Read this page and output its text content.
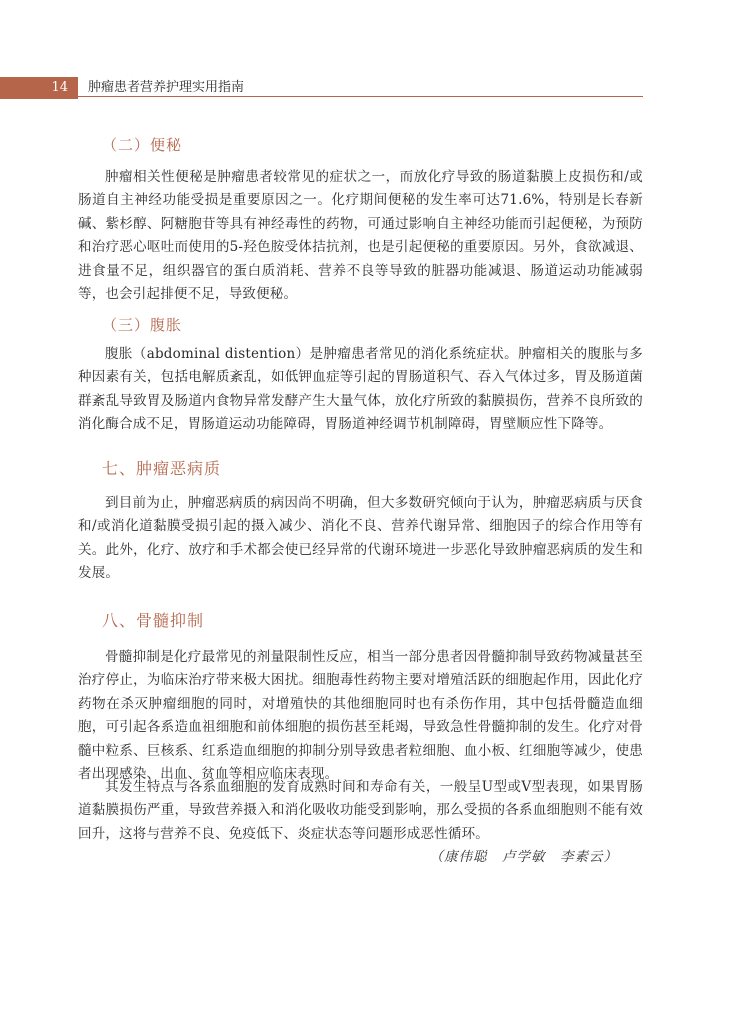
14	肿瘤患者营养护理实用指南
（二）便秘

肿瘤相关性便秘是肿瘤患者较常见的症状之一，而放化疗导致的肠道黏膜上皮损伤和/或肠道自主神经功能受损是重要原因之一。化疗期间便秘的发生率可达71.6%，特别是长春新碱、紫杉醇、阿糖胞苷等具有神经毒性的药物，可通过影响自主神经功能而引起便秘，为预防和治疗恶心呕吐而使用的5-羟色胺受体拮抗剂，也是引起便秘的重要原因。另外，食欲减退、进食量不足，组织器官的蛋白质消耗、营养不良等导致的脏器功能减退、肠道运动功能减弱等，也会引起排便不足，导致便秘。

（三）腹胀

腹胀（abdominal distention）是肿瘤患者常见的消化系统症状。肿瘤相关的腹胀与多种因素有关，包括电解质紊乱，如低钾血症等引起的胃肠道积气、吞入气体过多，胃及肠道菌群紊乱导致胃及肠道内食物异常发酵产生大量气体，放化疗所致的黏膜损伤，营养不良所致的消化酶合成不足，胃肠道运动功能障碍，胃肠道神经调节机制障碍，胃壁顺应性下降等。

七、肿瘤恶病质

到目前为止，肿瘤恶病质的病因尚不明确，但大多数研究倾向于认为，肿瘤恶病质与厌食和/或消化道黏膜受损引起的摄入减少、消化不良、营养代谢异常、细胞因子的综合作用等有关。此外，化疗、放疗和手术都会使已经异常的代谢环境进一步恶化导致肿瘤恶病质的发生和发展。

八、骨髓抑制

骨髓抑制是化疗最常见的剂量限制性反应，相当一部分患者因骨髓抑制导致药物减量甚至治疗停止，为临床治疗带来极大困扰。细胞毒性药物主要对增殖活跃的细胞起作用，因此化疗药物在杀灭肿瘤细胞的同时，对增殖快的其他细胞同时也有杀伤作用，其中包括骨髓造血细胞，可引起各系造血祖细胞和前体细胞的损伤甚至耗竭，导致急性骨髓抑制的发生。化疗对骨髓中粒系、巨核系、红系造血细胞的抑制分别导致患者粒细胞、血小板、红细胞等减少，使患者出现感染、出血、贫血等相应临床表现。

其发生特点与各系血细胞的发育成熟时间和寿命有关，一般呈U型或V型表现，如果胃肠道黏膜损伤严重，导致营养摄入和消化吸收功能受到影响，那么受损的各系血细胞则不能有效回升，这将与营养不良、免疫低下、炎症状态等问题形成恶性循环。

（康伟聪　卢学敏　李素云）
